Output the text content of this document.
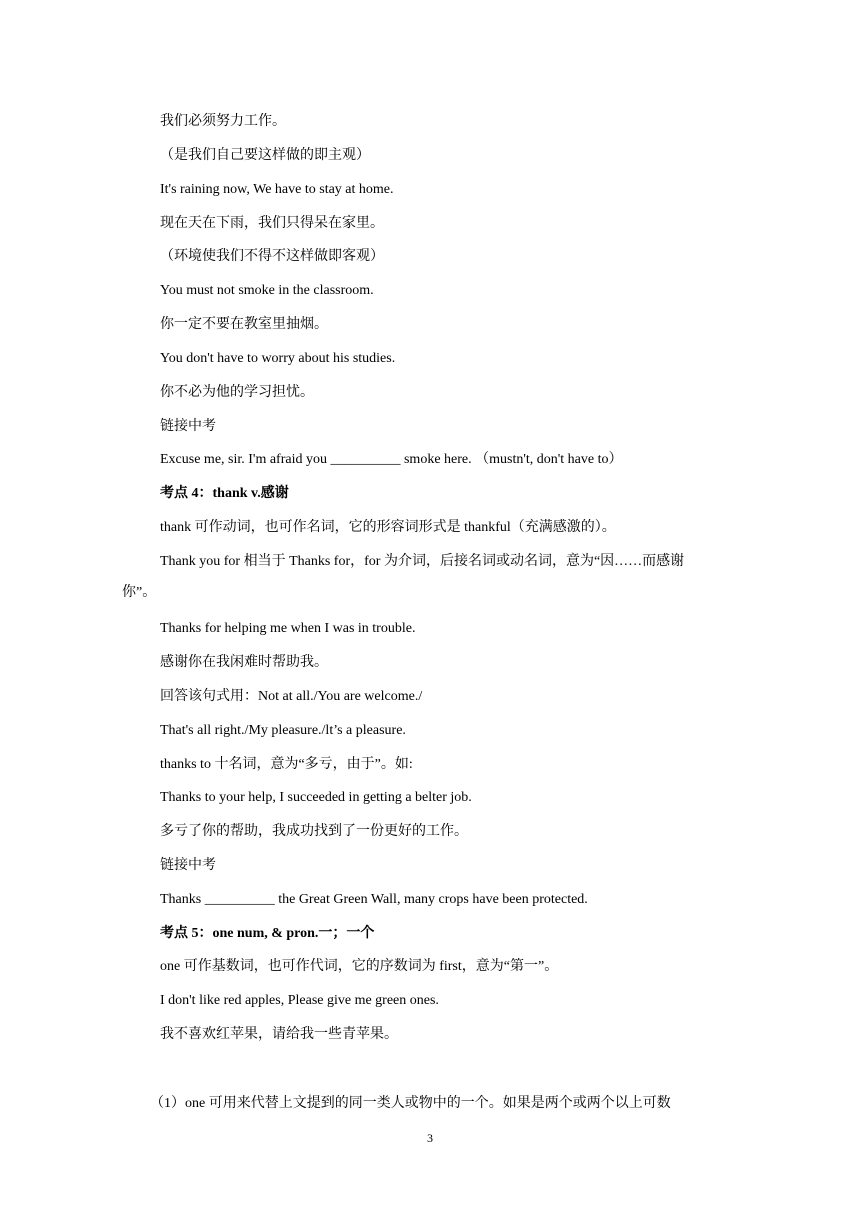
我们必须努力工作。
（是我们自己要这样做的即主观）
It's raining now, We have to stay at home.
现在天在下雨，我们只得呆在家里。
（环境使我们不得不这样做即客观）
You must not smoke in the classroom.
你一定不要在教室里抽烟。
You don't have to worry about his studies.
你不必为他的学习担忧。
链接中考
Excuse me, sir. I'm afraid you __________ smoke here. （mustn't, don't have to）
考点 4：thank v.感谢
thank 可作动词，也可作名词，它的形容词形式是 thankful（充满感激的）。
Thank you for 相当于 Thanks for，for 为介词，后接名词或动名词，意为“因……而感谢
你”。
Thanks for helping me when I was in trouble.
感谢你在我闲难时帮助我。
回答该句式用：Not at all./You are welcome./
That's all right./My pleasure./lt’s a pleasure.
thanks to 十名词，意为“多亏，由于”。如:
Thanks to your help, I succeeded in getting a belter job.
多亏了你的帮助，我成功找到了一份更好的工作。
链接中考
Thanks __________ the Great Green Wall, many crops have been protected.
考点 5：one num, & pron.一；一个
one 可作基数词，也可作代词，它的序数词为 first，意为“第一”。
I don't like red apples, Please give me green ones.
我不喜欢红苹果，请给我一些青苹果。
（1）one 可用来代替上文提到的同一类人或物中的一个。如果是两个或两个以上可数
3
